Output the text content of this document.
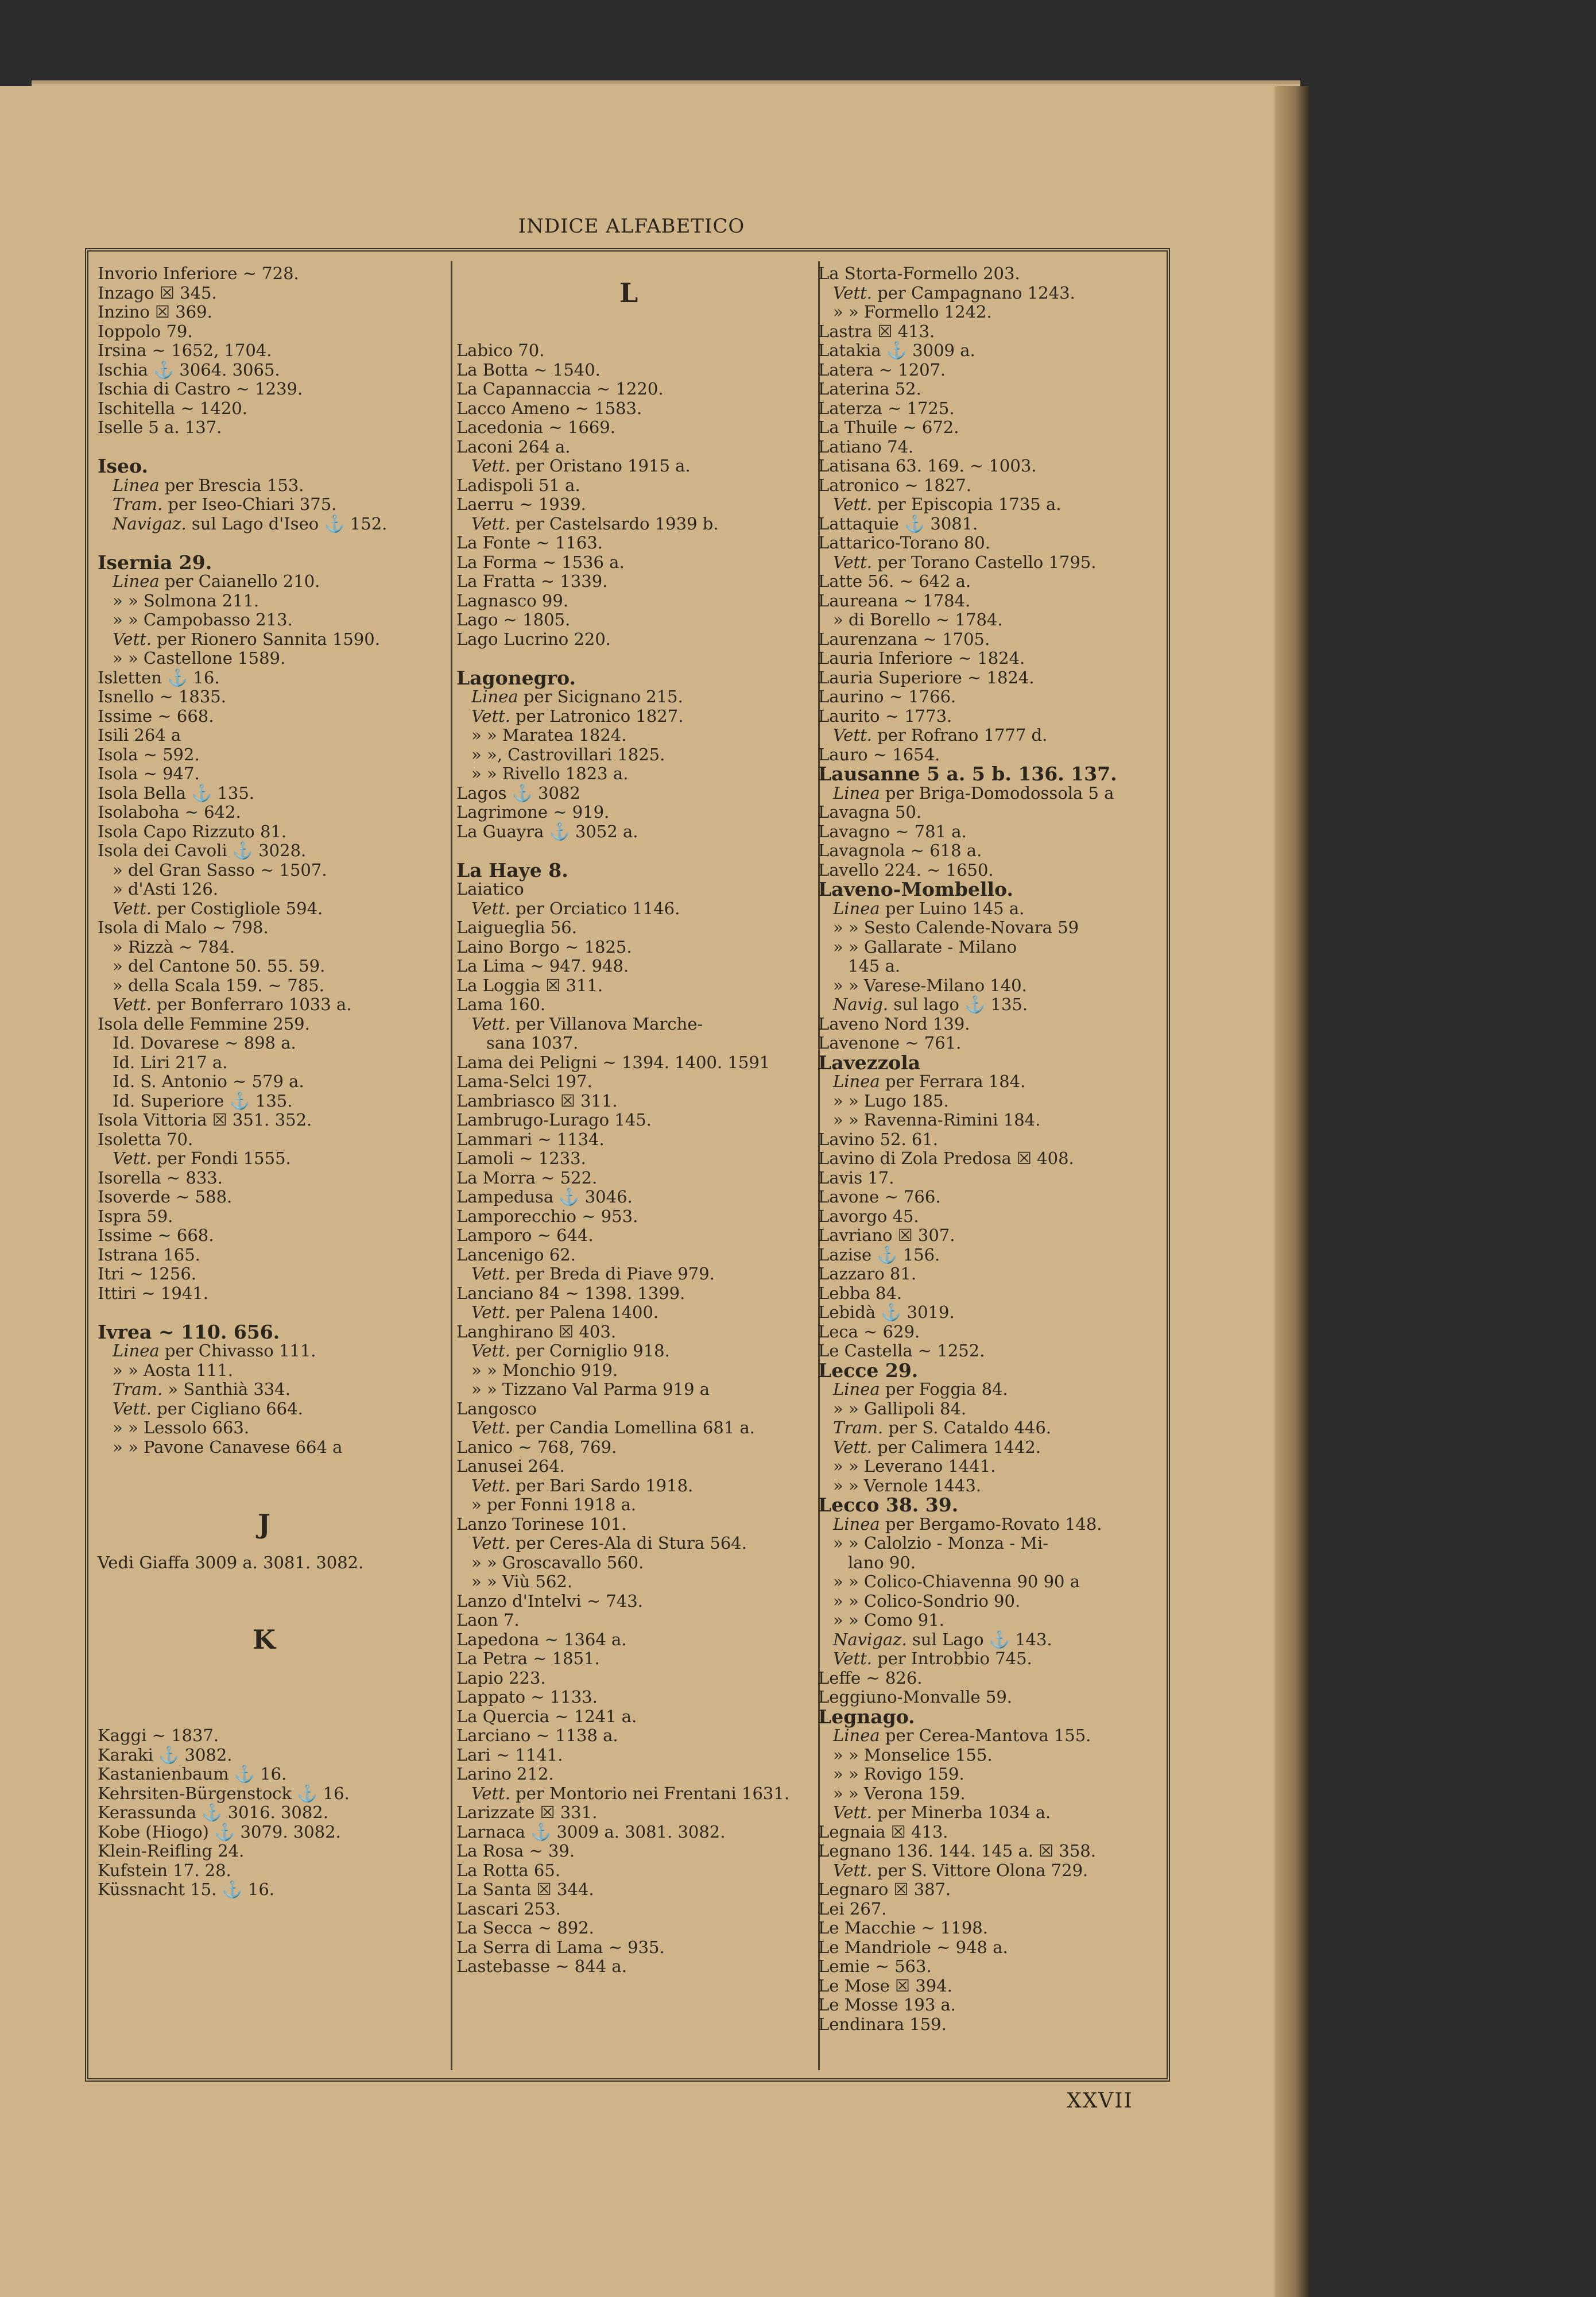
INDICE ALFABETICO
Invorio Inferiore ~ 728.
Inzago ☒ 345.
Inzino ☒ 369.
Ioppolo 79.
Irsina ~ 1652, 1704.
Ischia ⚓ 3064. 3065.
Ischia di Castro ~ 1239.
Ischitella ~ 1420.
Iselle 5 a. 137.
Iseo.
Linea per Brescia 153.
Tram. per Iseo-Chiari 375.
Navigaz. sul Lago d'Iseo ⚓ 152.
Isernia 29.
Linea per Caianello 210.
» » Solmona 211.
» » Campobasso 213.
Vett. per Rionero Sannita 1590.
» » Castellone 1589.
Isletten ⚓ 16.
Isnello ~ 1835.
Issime ~ 668.
Isili 264 a
Isola ~ 592.
Isola ~ 947.
Isola Bella ⚓ 135.
Isolaboha ~ 642.
Isola Capo Rizzuto 81.
Isola dei Cavoli ⚓ 3028.
» del Gran Sasso ~ 1507.
» d'Asti 126.
Vett. per Costigliole 594.
Isola di Malo ~ 798.
» Rizzà ~ 784.
» del Cantone 50. 55. 59.
» della Scala 159. ~ 785.
Vett. per Bonferraro 1033 a.
Isola delle Femmine 259.
Id. Dovarese ~ 898 a.
Id. Liri 217 a.
Id. S. Antonio ~ 579 a.
Id. Superiore ⚓ 135.
Isola Vittoria ☒ 351. 352.
Isoletta 70.
Vett. per Fondi 1555.
Isorella ~ 833.
Isoverde ~ 588.
Ispra 59.
Issime ~ 668.
Istrana 165.
Itri ~ 1256.
Ittiri ~ 1941.
Ivrea ~ 110. 656.
Linea per Chivasso 111.
» » Aosta 111.
Tram. » Santhià 334.
Vett. per Cigliano 664.
» » Lessolo 663.
» » Pavone Canavese 664 a
J
Vedi Giaffa 3009 a. 3081. 3082.
K
Kaggi ~ 1837.
Karaki ⚓ 3082.
Kastanienbaum ⚓ 16.
Kehrsiten-Bürgenstock ⚓ 16.
Kerassunda ⚓ 3016. 3082.
Kobe (Hiogo) ⚓ 3079. 3082.
Klein-Reifling 24.
Kufstein 17. 28.
Küssnacht 15. ⚓ 16.
L
Labico 70.
La Botta ~ 1540.
La Capannaccia ~ 1220.
Lacco Ameno ~ 1583.
Lacedonia ~ 1669.
Laconi 264 a.
Vett. per Oristano 1915 a.
Ladispoli 51 a.
Laerru ~ 1939.
Vett. per Castelsardo 1939 b.
La Fonte ~ 1163.
La Forma ~ 1536 a.
La Fratta ~ 1339.
Lagnasco 99.
Lago ~ 1805.
Lago Lucrino 220.
Lagonegro.
Linea per Sicignano 215.
Vett. per Latronico 1827.
» » Maratea 1824.
» », Castrovillari 1825.
» » Rivello 1823 a.
Lagos ⚓ 3082
Lagrimone ~ 919.
La Guayra ⚓ 3052 a.
La Haye 8.
Laiatico
Vett. per Orciatico 1146.
Laigueglia 56.
Laino Borgo ~ 1825.
La Lima ~ 947. 948.
La Loggia ☒ 311.
Lama 160.
Vett. per Villanova Marche-
sana 1037.
Lama dei Peligni ~ 1394. 1400. 1591
Lama-Selci 197.
Lambriasco ☒ 311.
Lambrugo-Lurago 145.
Lammari ~ 1134.
Lamoli ~ 1233.
La Morra ~ 522.
Lampedusa ⚓ 3046.
Lamporecchio ~ 953.
Lamporo ~ 644.
Lancenigo 62.
Vett. per Breda di Piave 979.
Lanciano 84 ~ 1398. 1399.
Vett. per Palena 1400.
Langhirano ☒ 403.
Vett. per Corniglio 918.
» » Monchio 919.
» » Tizzano Val Parma 919 a
Langosco
Vett. per Candia Lomellina 681 a.
Lanico ~ 768, 769.
Lanusei 264.
Vett. per Bari Sardo 1918.
» per Fonni 1918 a.
Lanzo Torinese 101.
Vett. per Ceres-Ala di Stura 564.
» » Groscavallo 560.
» » Viù 562.
Lanzo d'Intelvi ~ 743.
Laon 7.
Lapedona ~ 1364 a.
La Petra ~ 1851.
Lapio 223.
Lappato ~ 1133.
La Quercia ~ 1241 a.
Larciano ~ 1138 a.
Lari ~ 1141.
Larino 212.
Vett. per Montorio nei Frentani 1631.
Larizzate ☒ 331.
Larnaca ⚓ 3009 a. 3081. 3082.
La Rosa ~ 39.
La Rotta 65.
La Santa ☒ 344.
Lascari 253.
La Secca ~ 892.
La Serra di Lama ~ 935.
Lastebasse ~ 844 a.
La Storta-Formello 203.
Vett. per Campagnano 1243.
» » Formello 1242.
Lastra ☒ 413.
Latakia ⚓ 3009 a.
Latera ~ 1207.
Laterina 52.
Laterza ~ 1725.
La Thuile ~ 672.
Latiano 74.
Latisana 63. 169. ~ 1003.
Latronico ~ 1827.
Vett. per Episcopia 1735 a.
Lattaquie ⚓ 3081.
Lattarico-Torano 80.
Vett. per Torano Castello 1795.
Latte 56. ~ 642 a.
Laureana ~ 1784.
» di Borello ~ 1784.
Laurenzana ~ 1705.
Lauria Inferiore ~ 1824.
Lauria Superiore ~ 1824.
Laurino ~ 1766.
Laurito ~ 1773.
Vett. per Rofrano 1777 d.
Lauro ~ 1654.
Lausanne 5 a. 5 b. 136. 137.
Linea per Briga-Domodossola 5 a
Lavagna 50.
Lavagno ~ 781 a.
Lavagnola ~ 618 a.
Lavello 224. ~ 1650.
Laveno-Mombello.
Linea per Luino 145 a.
» » Sesto Calende-Novara 59
» » Gallarate - Milano
145 a.
» » Varese-Milano 140.
Navig. sul lago ⚓ 135.
Laveno Nord 139.
Lavenone ~ 761.
Lavezzola
Linea per Ferrara 184.
» » Lugo 185.
» » Ravenna-Rimini 184.
Lavino 52. 61.
Lavino di Zola Predosa ☒ 408.
Lavis 17.
Lavone ~ 766.
Lavorgo 45.
Lavriano ☒ 307.
Lazise ⚓ 156.
Lazzaro 81.
Lebba 84.
Lebidà ⚓ 3019.
Leca ~ 629.
Le Castella ~ 1252.
Lecce 29.
Linea per Foggia 84.
» » Gallipoli 84.
Tram. per S. Cataldo 446.
Vett. per Calimera 1442.
» » Leverano 1441.
» » Vernole 1443.
Lecco 38. 39.
Linea per Bergamo-Rovato 148.
» » Calolzio - Monza - Mi-
lano 90.
» » Colico-Chiavenna 90 90 a
» » Colico-Sondrio 90.
» » Como 91.
Navigaz. sul Lago ⚓ 143.
Vett. per Introbbio 745.
Leffe ~ 826.
Leggiuno-Monvalle 59.
Legnago.
Linea per Cerea-Mantova 155.
» » Monselice 155.
» » Rovigo 159.
» » Verona 159.
Vett. per Minerba 1034 a.
Legnaia ☒ 413.
Legnano 136. 144. 145 a. ☒ 358.
Vett. per S. Vittore Olona 729.
Legnaro ☒ 387.
Lei 267.
Le Macchie ~ 1198.
Le Mandriole ~ 948 a.
Lemie ~ 563.
Le Mose ☒ 394.
Le Mosse 193 a.
Lendinara 159.
XXVII
